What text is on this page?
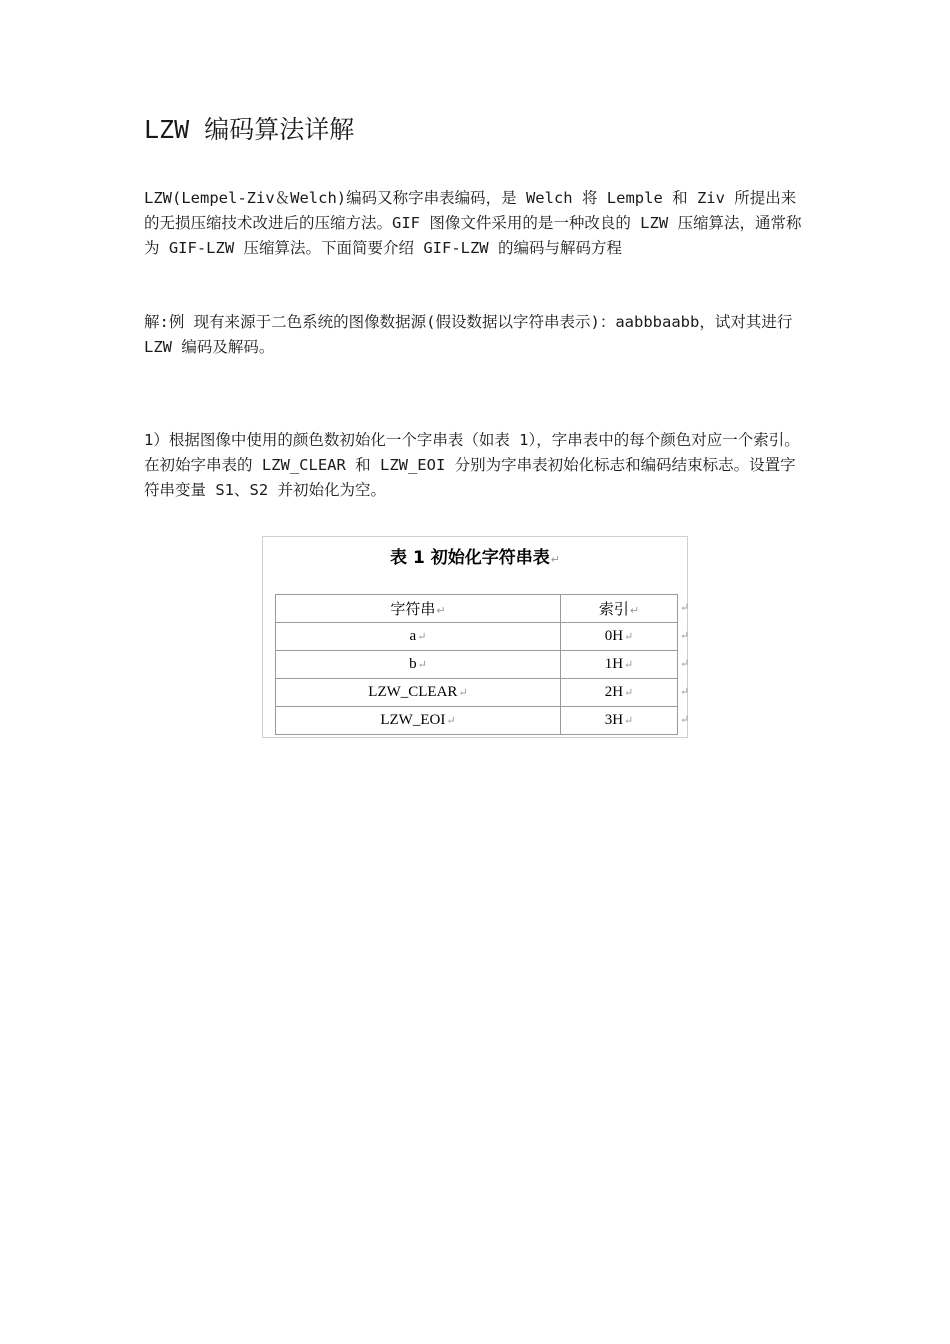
LZW 编码算法详解

LZW(Lempel-Ziv＆Welch)编码又称字串表编码，是 Welch 将 Lemple 和 Ziv 所提出来的无损压缩技术改进后的压缩方法。GIF 图像文件采用的是一种改良的 LZW 压缩算法，通常称为 GIF-LZW 压缩算法。下面简要介绍 GIF-LZW 的编码与解码方程

解:例 现有来源于二色系统的图像数据源(假设数据以字符串表示)：aabbbaabb，试对其进行 LZW 编码及解码。

1）根据图像中使用的颜色数初始化一个字串表（如表 1），字串表中的每个颜色对应一个索引。在初始字串表的 LZW_CLEAR 和 LZW_EOI 分别为字串表初始化标志和编码结束标志。设置字符串变量 S1、S2 并初始化为空。

表 1 初始化字符串表↵
字符串↵	索引↵
a↵	0H↵
b↵	1H↵
LZW_CLEAR↵	2H↵
LZW_EOI↵	3H↵
↵
↵
↵
↵
↵
